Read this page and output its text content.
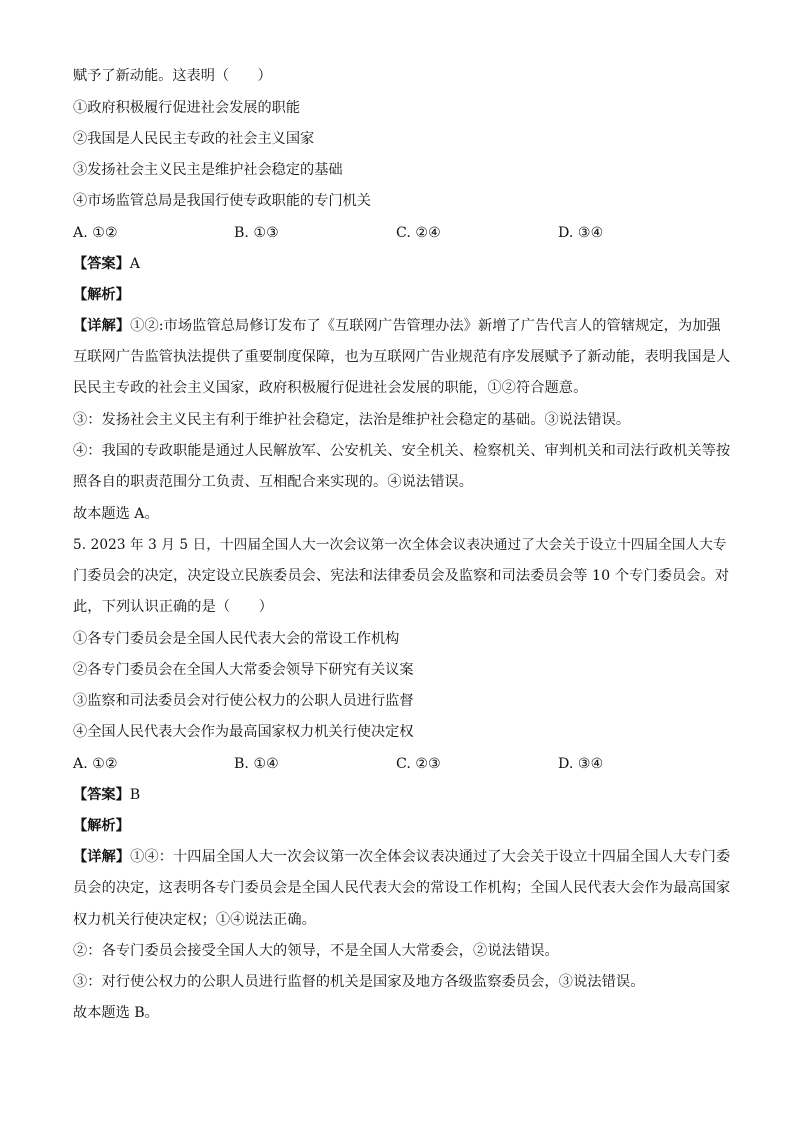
赋予了新动能。这表明（　　）
①政府积极履行促进社会发展的职能
②我国是人民民主专政的社会主义国家
③发扬社会主义民主是维护社会稳定的基础
④市场监管总局是我国行使专政职能的专门机关
A. ①②	B. ①③	C. ②④	D. ③④
【答案】A
【解析】
【详解】①②:市场监管总局修订发布了《互联网广告管理办法》新增了广告代言人的管辖规定，为加强
互联网广告监管执法提供了重要制度保障，也为互联网广告业规范有序发展赋予了新动能，表明我国是人
民民主专政的社会主义国家，政府积极履行促进社会发展的职能，①②符合题意。
③：发扬社会主义民主有利于维护社会稳定，法治是维护社会稳定的基础。③说法错误。
④：我国的专政职能是通过人民解放军、公安机关、安全机关、检察机关、审判机关和司法行政机关等按
照各自的职责范围分工负责、互相配合来实现的。④说法错误。
故本题选 A。
5. 2023 年 3 月 5 日，十四届全国人大一次会议第一次全体会议表决通过了大会关于设立十四届全国人大专
门委员会的决定，决定设立民族委员会、宪法和法律委员会及监察和司法委员会等 10 个专门委员会。对
此，下列认识正确的是（　　）
①各专门委员会是全国人民代表大会的常设工作机构
②各专门委员会在全国人大常委会领导下研究有关议案
③监察和司法委员会对行使公权力的公职人员进行监督
④全国人民代表大会作为最高国家权力机关行使决定权
A. ①②	B. ①④	C. ②③	D. ③④
【答案】B
【解析】
【详解】①④：十四届全国人大一次会议第一次全体会议表决通过了大会关于设立十四届全国人大专门委
员会的决定，这表明各专门委员会是全国人民代表大会的常设工作机构；全国人民代表大会作为最高国家
权力机关行使决定权；①④说法正确。
②：各专门委员会接受全国人大的领导，不是全国人大常委会，②说法错误。
③：对行使公权力的公职人员进行监督的机关是国家及地方各级监察委员会，③说法错误。
故本题选 B。
